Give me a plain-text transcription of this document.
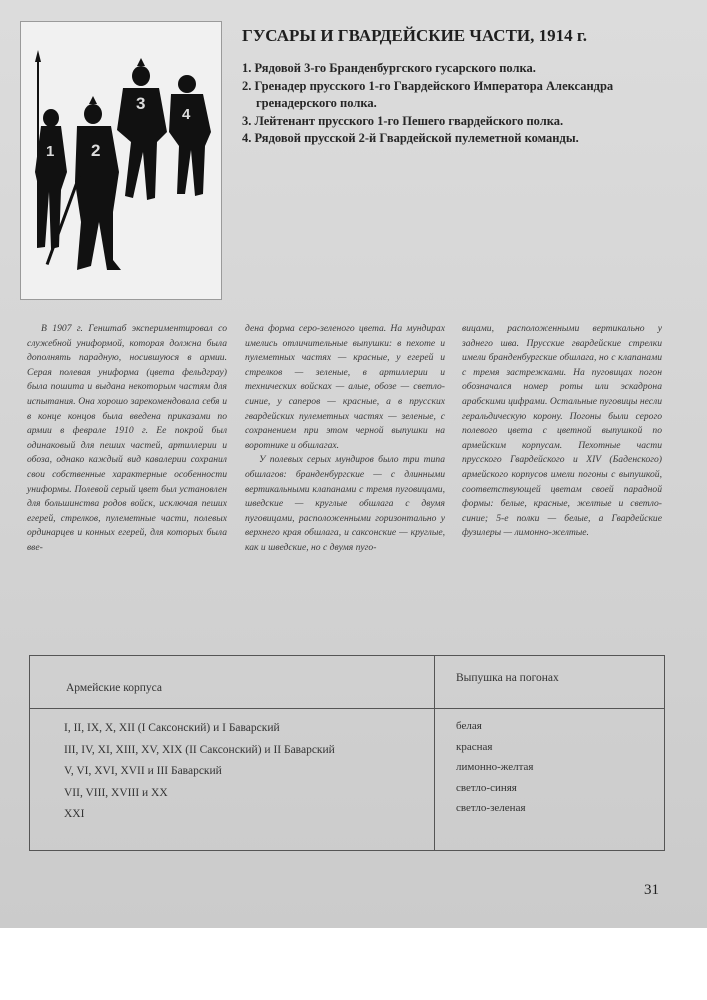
1 2
3
4
ГУСАРЫ И ГВАРДЕЙСКИЕ ЧАСТИ, 1914 г.
1. Рядовой 3-го Бранденбургского гусарского полка.
2. Гренадер прусского 1-го Гвардейского Императора Александра гренадерского полка.
3. Лейтенант прусского 1-го Пешего гвардейского полка.
4. Рядовой прусской 2-й Гвардейской пулеметной команды.

В 1907 г. Генштаб экспериментировал со служебной униформой, которая должна была дополнять парадную, носившуюся в армии. Серая полевая униформа (цвета фельдграу) была пошита и выдана некоторым частям для испытания. Она хорошо зарекомендовала себя и в конце концов была введена приказами по армии в феврале 1910 г. Ее покрой был одинаковый для пеших частей, артиллерии и обоза, однако каждый вид кавалерии сохранил свои собственные характерные особенности униформы. Полевой серый цвет был установлен для большинства родов войск, исключая пеших егерей, стрелков, пулеметные части, полевых ординарцев и конных егерей, для которых была вве-

дена форма серо-зеленого цвета. На мундирах имелись отличительные выпушки: в пехоте и пулеметных частях — красные, у егерей и стрелков — зеленые, в артиллерии и технических войсках — алые, обозе — светло-синие, у саперов — красные, а в прусских гвардейских пулеметных частях — зеленые, с сохранением при этом черной выпушки на воротнике и обшлагах.

У полевых серых мундиров было три типа обшлагов: бранденбургские — с длинными вертикальными клапанами с тремя пуговицами, шведские — круглые обшлага с двумя пуговицами, расположенными горизонтально у верхнего края обшлага, и саксонские — круглые, как и шведские, но с двумя пуго-

вицами, расположенными вертикально у заднего шва. Прусские гвардейские стрелки имели бранденбургские обшлага, но с клапанами с тремя застрежками. На пуговицах погон обозначался номер роты или эскадрона арабскими цифрами. Остальные пуговицы несли геральдическую корону. Погоны были серого полевого цвета с цветной выпушкой по армейским корпусам. Пехотные части прусского Гвардейского и XIV (Баденского) армейского корпусов имели погоны с выпушкой, соответствующей цветам своей парадной формы: белые, красные, желтые и светло-синие; 5-е полки — белые, а Гвардейские фузилеры — лимонно-желтые.

Армейские корпуса
Выпушка на погонах
I, II, IX, X, XII (I Саксонский) и I Баварский
III, IV, XI, XIII, XV, XIX (II Саксонский) и II Баварский
V, VI, XVI, XVII и III Баварский
VII, VIII, XVIII и XX
XXI
белая
красная
лимонно-желтая
светло-синяя
светло-зеленая
31
